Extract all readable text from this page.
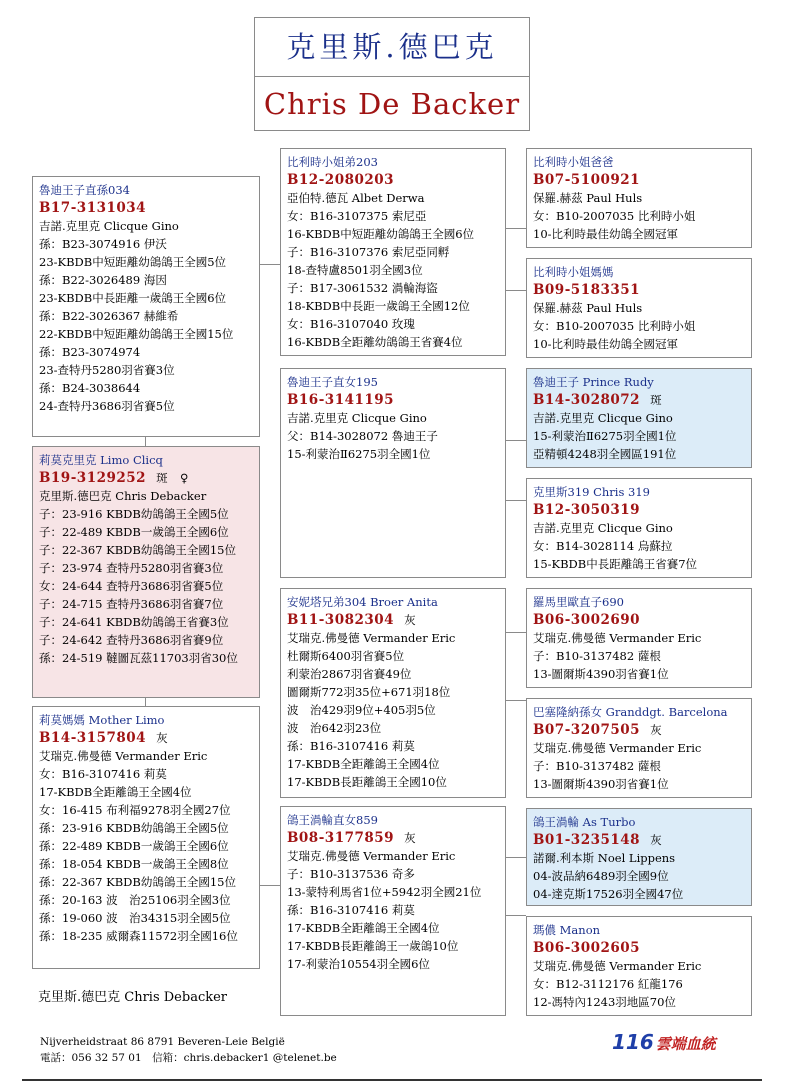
克里斯.德巴克
Chris De Backer
莉莫克里克 Limo Clicq
B19-3129252 斑　♀
克里斯.德巴克 Chris Debacker
子：23-916 KBDB幼鴿鴿王全國5位
子：22-489 KBDB一歲鴿王全國6位
子：22-367 KBDB幼鴿鴿王全國15位
子：23-974 查特丹5280羽省賽3位
女：24-644 查特丹3686羽省賽5位
子：24-715 查特丹3686羽省賽7位
子：24-641 KBDB幼鴿鴿王省賽3位
子：24-642 查特丹3686羽省賽9位
孫：24-519 韃圖瓦茲11703羽省30位
魯迪王子直孫034
B17-3131034
吉諾.克里克 Clicque Gino
孫：B23-3074916 伊沃
23-KBDB中短距離幼鴿鴿王全國5位
孫：B22-3026489 海因
23-KBDB中長距離一歲鴿王全國6位
孫：B22-3026367 赫維希
22-KBDB中短距離幼鴿鴿王全國15位
孫：B23-3074974
23-查特丹5280羽省賽3位
孫：B24-3038644
24-查特丹3686羽省賽5位
莉莫媽媽 Mother Limo
B14-3157804 灰
艾瑞克.佛曼德 Vermander Eric
女：B16-3107416 莉莫
17-KBDB全距離鴿王全國4位
女：16-415 布利福9278羽全國27位
孫：23-916 KBDB幼鴿鴿王全國5位
孫：22-489 KBDB一歲鴿王全國6位
孫：18-054 KBDB一歲鴿王全國8位
孫：22-367 KBDB幼鴿鴿王全國15位
孫：20-163 波　治25106羽全國3位
孫：19-060 波　治34315羽全國5位
孫：18-235 威爾森11572羽全國16位
比利時小姐弟203
B12-2080203
亞伯特.德瓦 Albet Derwa
女：B16-3107375 索尼亞
16-KBDB中短距離幼鴿鴿王全國6位
子：B16-3107376 索尼亞同孵
18-查特盧8501羽全國3位
子：B17-3061532 渦輪海盜
18-KBDB中長距一歲鴿王全國12位
女：B16-3107040 玫瑰
16-KBDB全距離幼鴿鴿王省賽4位
魯迪王子直女195
B16-3141195
吉諾.克里克 Clicque Gino
父：B14-3028072 魯迪王子
15-利蒙治Ⅱ6275羽全國1位
安妮塔兄弟304 Broer Anita
B11-3082304 灰
艾瑞克.佛曼德 Vermander Eric
杜爾斯6400羽省賽5位
利蒙治2867羽省賽49位
圖爾斯772羽35位+671羽18位
波　治429羽9位+405羽5位
波　治642羽23位
孫：B16-3107416 莉莫
17-KBDB全距離鴿王全國4位
17-KBDB長距離鴿王全國10位
鴿王渦輪直女859
B08-3177859 灰
艾瑞克.佛曼德 Vermander Eric
子：B10-3137536 奇多
13-蒙特利馬省1位+5942羽全國21位
孫：B16-3107416 莉莫
17-KBDB全距離鴿王全國4位
17-KBDB長距離鴿王一歲鴿10位
17-利蒙治10554羽全國6位
比利時小姐爸爸
B07-5100921
保羅.赫茲 Paul Huls
女：B10-2007035 比利時小姐
10-比利時最佳幼鴿全國冠軍
比利時小姐媽媽
B09-5183351
保羅.赫茲 Paul Huls
女：B10-2007035 比利時小姐
10-比利時最佳幼鴿全國冠軍
魯迪王子 Prince Rudy
B14-3028072 斑
吉諾.克里克 Clicque Gino
15-利蒙治Ⅱ6275羽全國1位
亞精頓4248羽全國區191位
克里斯319 Chris 319
B12-3050319
吉諾.克里克 Clicque Gino
女：B14-3028114 烏蘇拉
15-KBDB中長距離鴿王省賽7位
羅馬里歐直子690
B06-3002690
艾瑞克.佛曼德 Vermander Eric
子：B10-3137482 薩根
13-圖爾斯4390羽省賽1位
巴塞隆納孫女 Granddgt. Barcelona
B07-3207505 灰
艾瑞克.佛曼德 Vermander Eric
子：B10-3137482 薩根
13-圖爾斯4390羽省賽1位
鴿王渦輪 As Turbo
B01-3235148 灰
諾爾.利本斯 Noel Lippens
04-波品納6489羽全國9位
04-達克斯17526羽全國47位
瑪儂 Manon
B06-3002605
艾瑞克.佛曼德 Vermander Eric
女：B12-3112176 紅龍176
12-馮特內1243羽地區70位
克里斯.德巴克 Chris Debacker
Nijverheidstraat 86 8791 Beveren-Leie België
電話：056 32 57 01　信箱：chris.debacker1 @telenet.be
116 雲端血統
